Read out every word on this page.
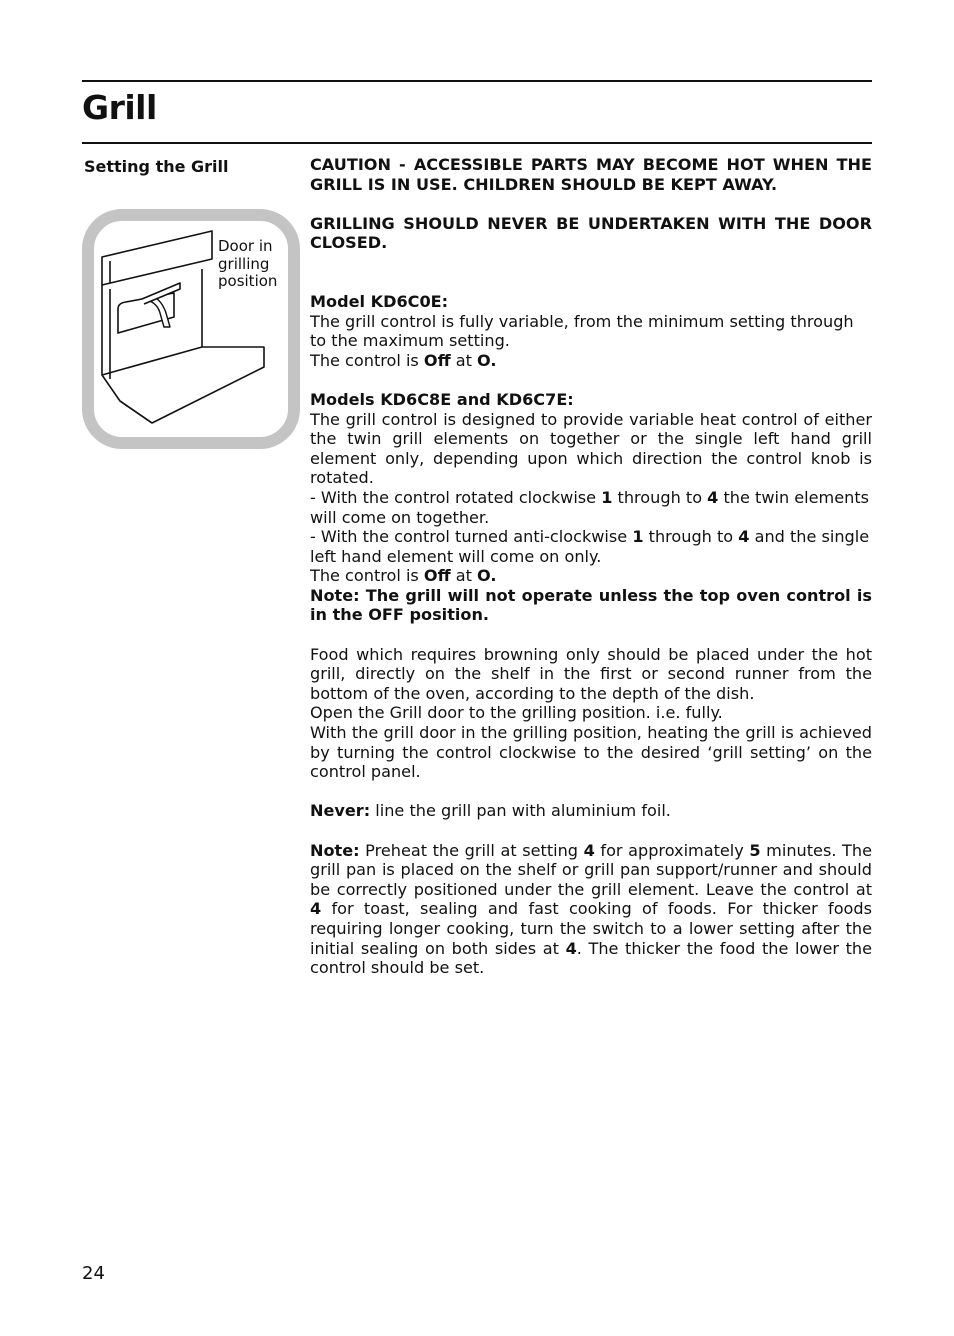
Grill
Setting the Grill
Door in
grilling
position

CAUTION - ACCESSIBLE PARTS MAY BECOME HOT WHEN THE GRILL IS IN USE. CHILDREN SHOULD BE KEPT AWAY.

GRILLING SHOULD NEVER BE UNDERTAKEN WITH THE DOOR CLOSED.

Model KD6C0E:

The grill control is fully variable, from the minimum setting through to the maximum setting.

The control is Off at O.

Models KD6C8E and KD6C7E:

The grill control is designed to provide variable heat control of either the twin grill elements on together or the single left hand grill element only, depending upon which direction the control knob is rotated.

- With the control rotated clockwise 1 through to 4 the twin elements will come on together.

- With the control turned anti-clockwise 1 through to 4 and the single left hand element will come on only.

The control is Off at O.

Note: The grill will not operate unless the top oven control is in the OFF position.

Food which requires browning only should be placed under the hot grill, directly on the shelf in the first or second runner from the bottom of the oven, according to the depth of the dish.

Open the Grill door to the grilling position. i.e. fully.

With the grill door in the grilling position, heating the grill is achieved by turning the control clockwise to the desired ‘grill setting’ on the control panel.

Never: line the grill pan with aluminium foil.

Note: Preheat the grill at setting 4 for approximately 5 minutes. The grill pan is placed on the shelf or grill pan support/runner and should be correctly positioned under the grill element. Leave the control at 4 for toast, sealing and fast cooking of foods. For thicker foods requiring longer cooking, turn the switch to a lower setting after the initial sealing on both sides at 4. The thicker the food the lower the control should be set.

24
